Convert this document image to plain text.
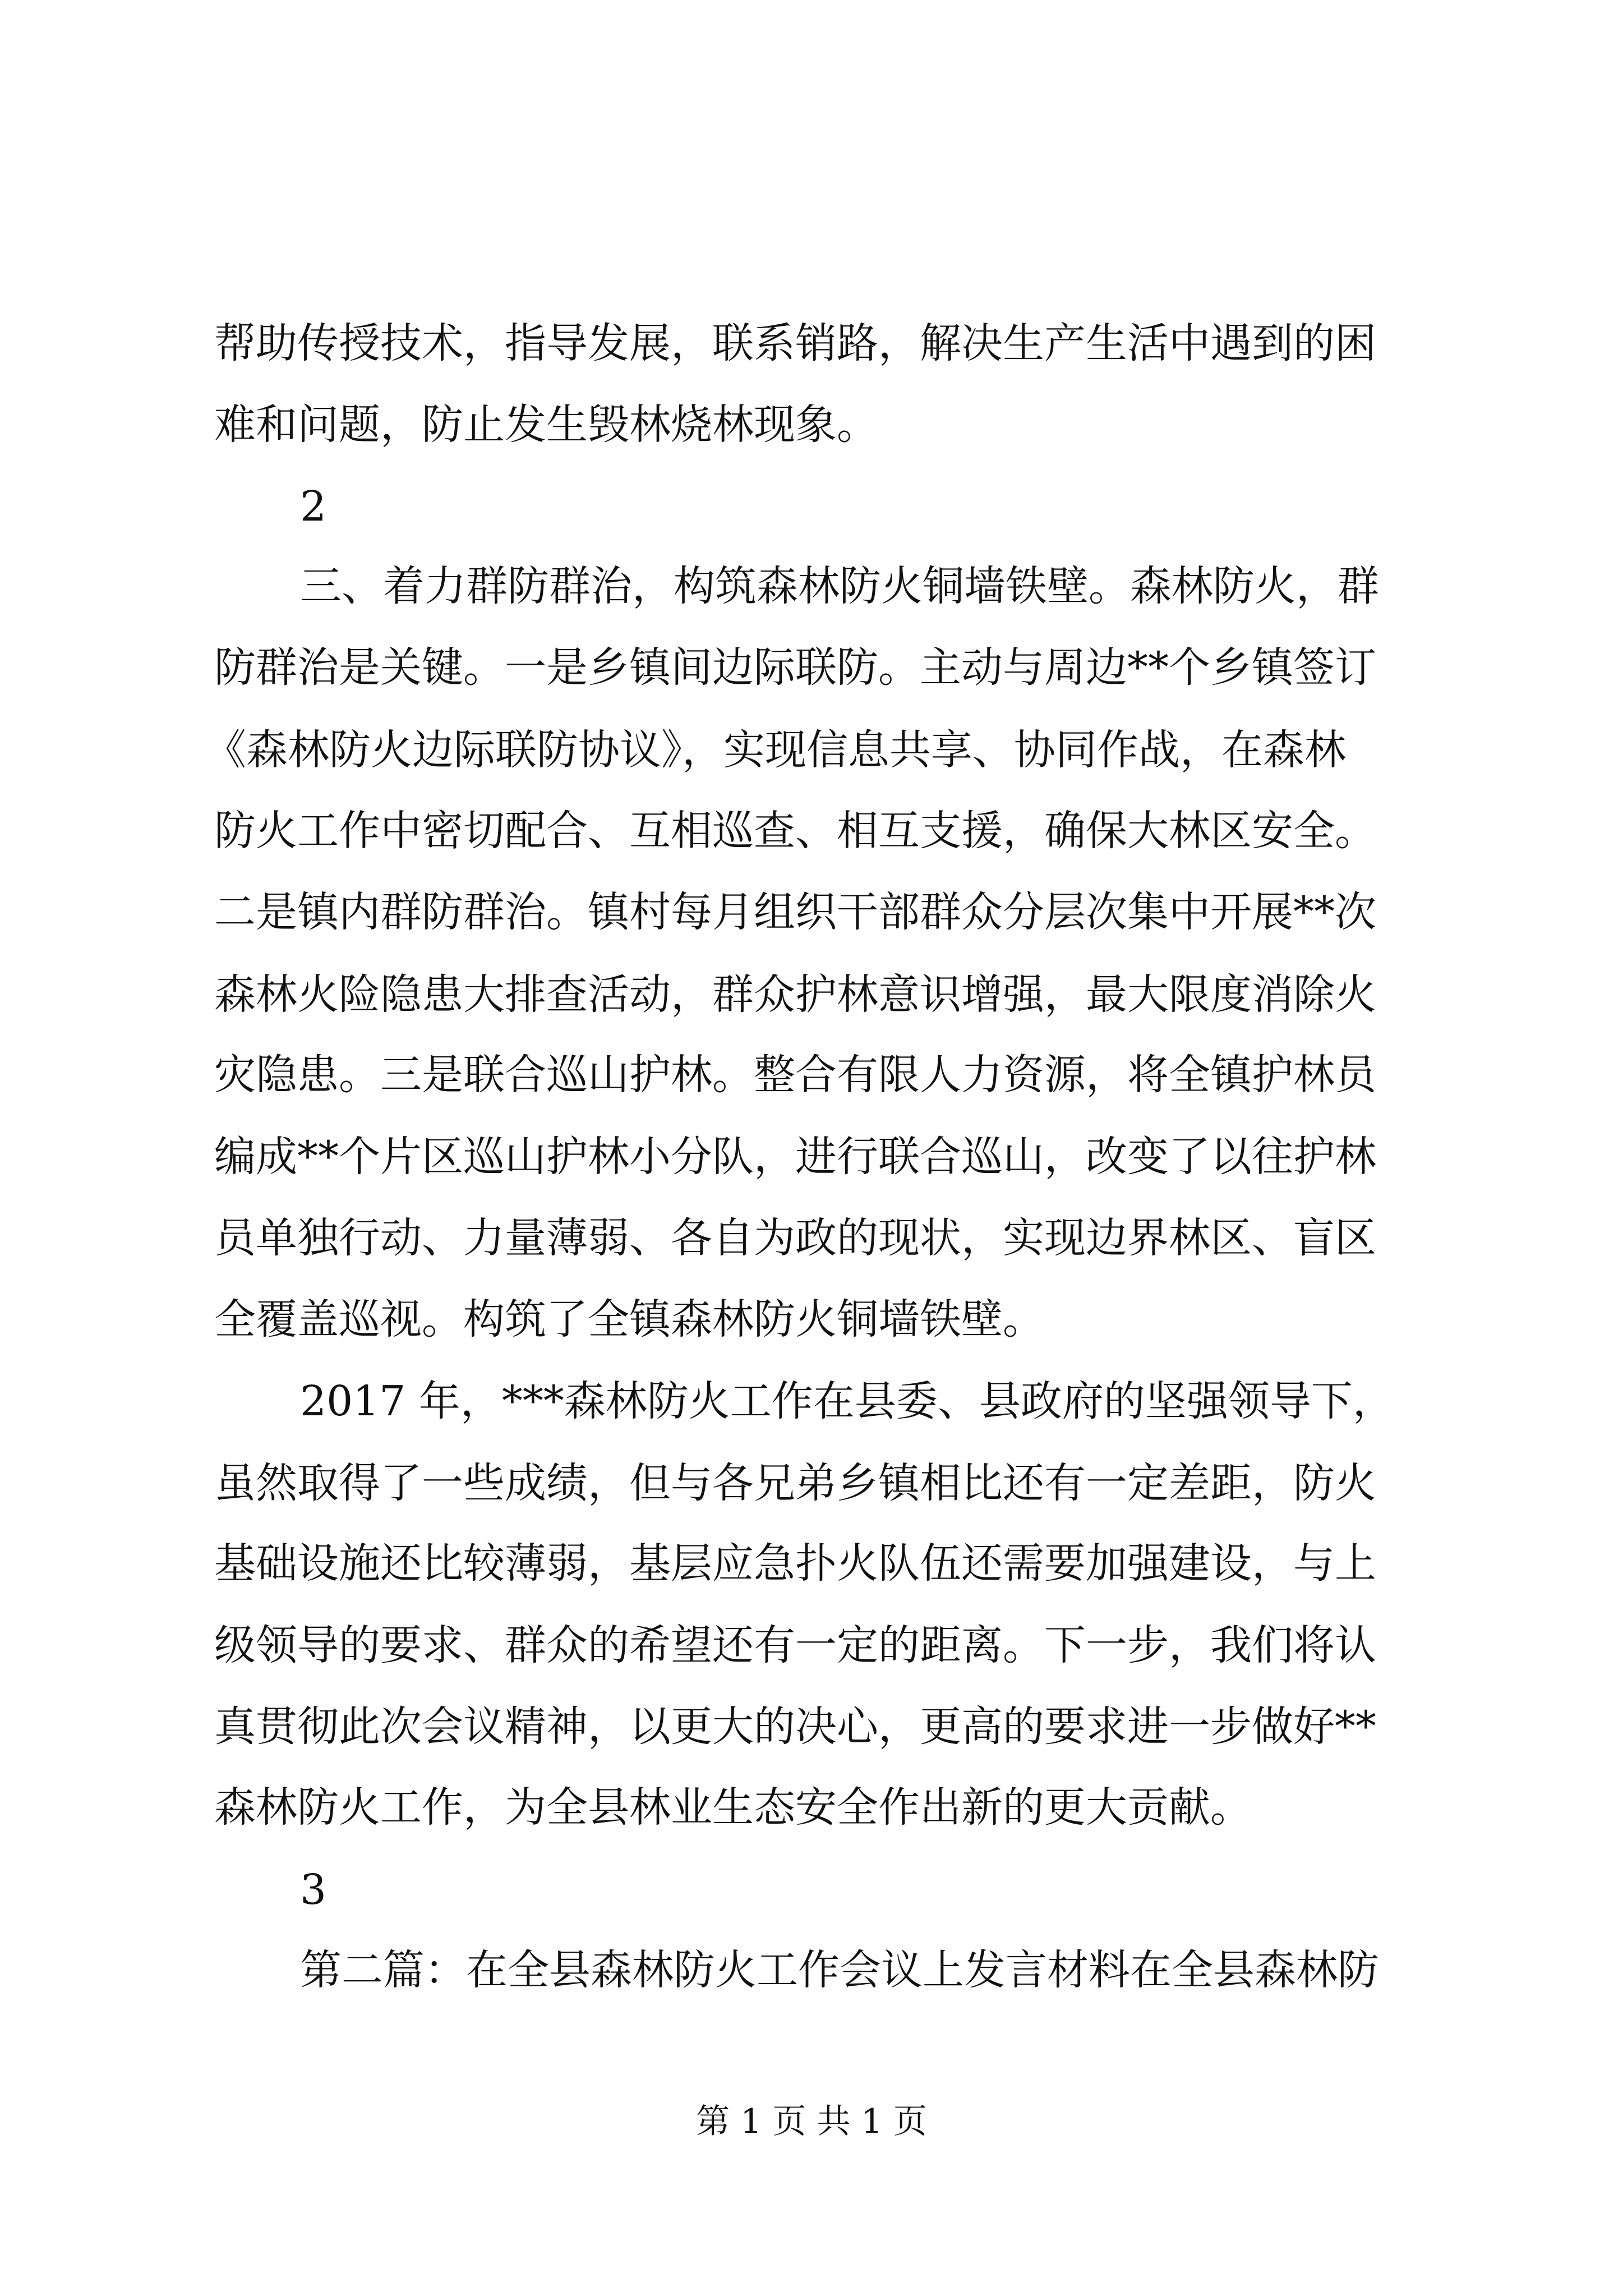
帮助传授技术，指导发展，联系销路，解决生产生活中遇到的困

难和问题，防止发生毁林烧林现象。

2

三、着力群防群治，构筑森林防火铜墙铁壁。森林防火，群

防群治是关键。一是乡镇间边际联防。主动与周边**个乡镇签订

《森林防火边际联防协议》，实现信息共享、协同作战，在森林

防火工作中密切配合、互相巡查、相互支援，确保大林区安全。

二是镇内群防群治。镇村每月组织干部群众分层次集中开展**次

森林火险隐患大排查活动，群众护林意识增强，最大限度消除火

灾隐患。三是联合巡山护林。整合有限人力资源，将全镇护林员

编成**个片区巡山护林小分队，进行联合巡山，改变了以往护林

员单独行动、力量薄弱、各自为政的现状，实现边界林区、盲区

全覆盖巡视。构筑了全镇森林防火铜墙铁壁。

2017 年，***森林防火工作在县委、县政府的坚强领导下，

虽然取得了一些成绩，但与各兄弟乡镇相比还有一定差距，防火

基础设施还比较薄弱，基层应急扑火队伍还需要加强建设，与上

级领导的要求、群众的希望还有一定的距离。下一步，我们将认

真贯彻此次会议精神，以更大的决心，更高的要求进一步做好**

森林防火工作，为全县林业生态安全作出新的更大贡献。

3

第二篇：在全县森林防火工作会议上发言材料在全县森林防

第 1 页 共 1 页
